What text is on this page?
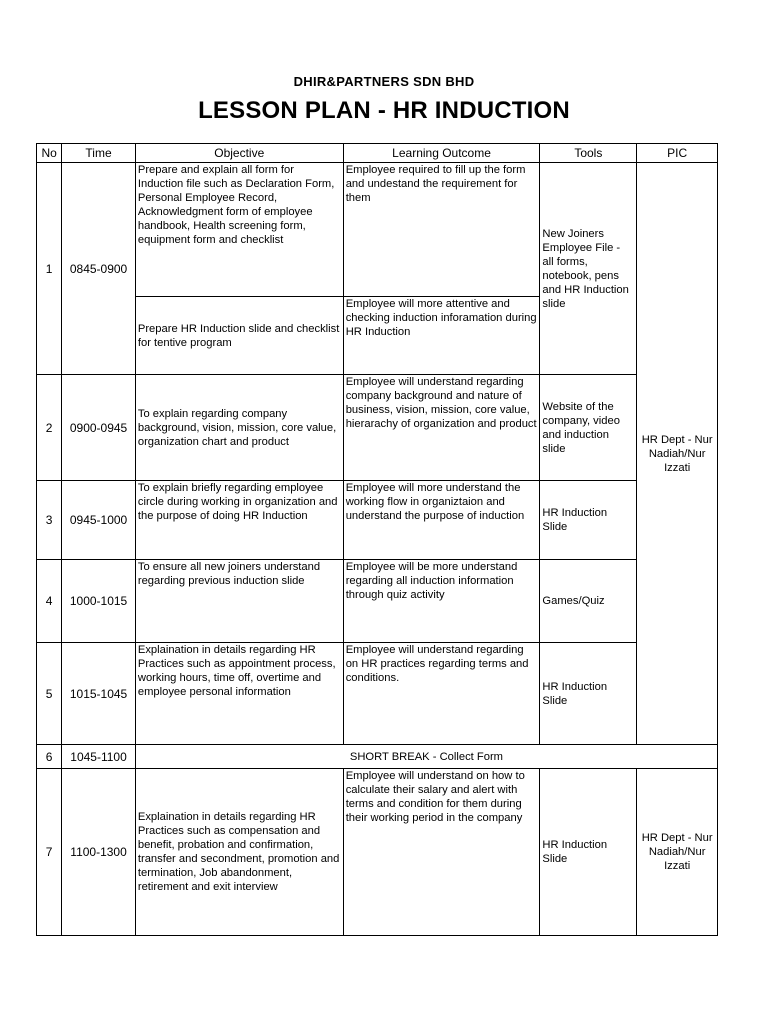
DHIR&PARTNERS SDN BHD
LESSON PLAN - HR INDUCTION
No	Time	Objective	Learning Outcome	Tools	PIC
1	0845-0900	Prepare and explain all form for Induction file such as Declaration Form, Personal Employee Record, Acknowledgment form of employee handbook, Health screening form, equipment form and checklist	Employee required to fill up the form and undestand the requirement for them	New Joiners Employee File - all forms, notebook, pens and HR Induction slide	HR Dept - Nur Nadiah/Nur Izzati
		Prepare HR Induction slide and checklist for tentive program	Employee will more attentive and checking induction inforamation during HR Induction		
2	0900-0945	To explain regarding company background, vision, mission, core value, organization chart and product	Employee will understand regarding company background and nature of business, vision, mission, core value, hierarachy of organization and product	Website of the company, video and induction slide	
3	0945-1000	To explain briefly regarding employee circle during working in organization and the purpose of doing HR Induction	Employee will more understand the working flow in organiztaion and understand the purpose of induction	HR Induction Slide	
4	1000-1015	To ensure all new joiners understand regarding previous induction slide	Employee will be more understand regarding all induction information through quiz activity	Games/Quiz	
5	1015-1045	Explaination in details regarding HR Practices such as appointment process, working hours, time off, overtime and employee personal information	Employee will understand regarding on HR practices regarding terms and conditions.	HR Induction Slide	
6	1045-1100	SHORT BREAK - Collect Form			
7	1100-1300	Explaination in details regarding HR Practices such as compensation and benefit, probation and confirmation, transfer and secondment, promotion and termination, Job abandonment, retirement and exit interview	Employee will understand on how to calculate their salary and alert with terms and condition for them during their working period in the company	HR Induction Slide	HR Dept - Nur Nadiah/Nur Izzati
